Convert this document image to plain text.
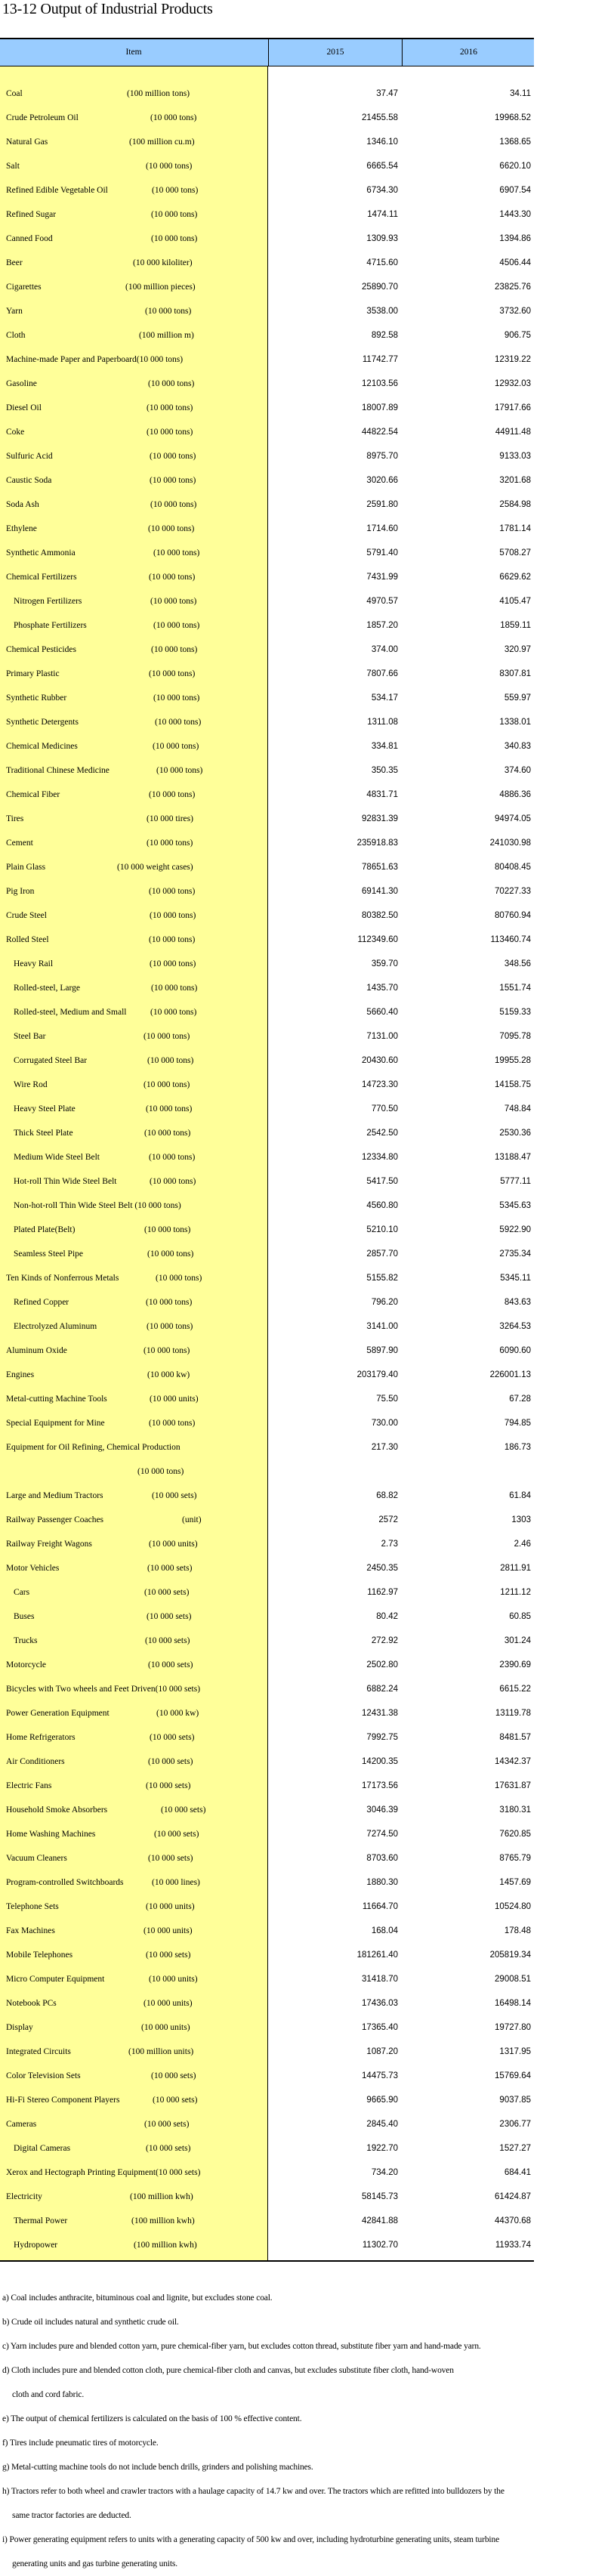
13-12 Output of Industrial Products
Item	2015	2016
Coal	(100 million tons)	37.47	34.11
Crude Petroleum Oil	(10 000 tons)	21455.58	19968.52
Natural Gas	(100 million cu.m)	1346.10	1368.65
Salt	(10 000 tons)	6665.54	6620.10
Refined Edible Vegetable Oil	(10 000 tons)	6734.30	6907.54
Refined Sugar	(10 000 tons)	1474.11	1443.30
Canned Food	(10 000 tons)	1309.93	1394.86
Beer	(10 000 kiloliter)	4715.60	4506.44
Cigarettes	(100 million pieces)	25890.70	23825.76
Yarn	(10 000 tons)	3538.00	3732.60
Cloth	(100 million m)	892.58	906.75
Machine-made Paper and Paperboard(10 000 tons)	11742.77	12319.22
Gasoline	(10 000 tons)	12103.56	12932.03
Diesel Oil	(10 000 tons)	18007.89	17917.66
Coke	(10 000 tons)	44822.54	44911.48
Sulfuric Acid	(10 000 tons)	8975.70	9133.03
Caustic Soda	(10 000 tons)	3020.66	3201.68
Soda Ash	(10 000 tons)	2591.80	2584.98
Ethylene	(10 000 tons)	1714.60	1781.14
Synthetic Ammonia	(10 000 tons)	5791.40	5708.27
Chemical Fertilizers	(10 000 tons)	7431.99	6629.62
Nitrogen Fertilizers	(10 000 tons)	4970.57	4105.47
Phosphate Fertilizers	(10 000 tons)	1857.20	1859.11
Chemical Pesticides	(10 000 tons)	374.00	320.97
Primary Plastic	(10 000 tons)	7807.66	8307.81
Synthetic Rubber	(10 000 tons)	534.17	559.97
Synthetic Detergents	(10 000 tons)	1311.08	1338.01
Chemical Medicines	(10 000 tons)	334.81	340.83
Traditional Chinese Medicine	(10 000 tons)	350.35	374.60
Chemical Fiber	(10 000 tons)	4831.71	4886.36
Tires	(10 000 tires)	92831.39	94974.05
Cement	(10 000 tons)	235918.83	241030.98
Plain Glass	(10 000 weight cases)	78651.63	80408.45
Pig Iron	(10 000 tons)	69141.30	70227.33
Crude Steel	(10 000 tons)	80382.50	80760.94
Rolled Steel	(10 000 tons)	112349.60	113460.74
Heavy Rail	(10 000 tons)	359.70	348.56
Rolled-steel, Large	(10 000 tons)	1435.70	1551.74
Rolled-steel, Medium and Small	(10 000 tons)	5660.40	5159.33
Steel Bar	(10 000 tons)	7131.00	7095.78
Corrugated Steel Bar	(10 000 tons)	20430.60	19955.28
Wire Rod	(10 000 tons)	14723.30	14158.75
Heavy Steel Plate	(10 000 tons)	770.50	748.84
Thick Steel Plate	(10 000 tons)	2542.50	2530.36
Medium Wide Steel Belt	(10 000 tons)	12334.80	13188.47
Hot-roll Thin Wide Steel Belt	(10 000 tons)	5417.50	5777.11
Non-hot-roll Thin Wide Steel Belt (10 000 tons)	4560.80	5345.63
Plated Plate(Belt)	(10 000 tons)	5210.10	5922.90
Seamless Steel Pipe	(10 000 tons)	2857.70	2735.34
Ten Kinds of Nonferrous Metals	(10 000 tons)	5155.82	5345.11
Refined Copper	(10 000 tons)	796.20	843.63
Electrolyzed Aluminum	(10 000 tons)	3141.00	3264.53
Aluminum Oxide	(10 000 tons)	5897.90	6090.60
Engines	(10 000 kw)	203179.40	226001.13
Metal-cutting Machine Tools	(10 000 units)	75.50	67.28
Special Equipment for Mine	(10 000 tons)	730.00	794.85
Equipment for Oil Refining, Chemical Production	217.30	186.73
(10 000 tons)
Large and Medium Tractors	(10 000 sets)	68.82	61.84
Railway Passenger Coaches	(unit)	2572	1303
Railway Freight Wagons	(10 000 units)	2.73	2.46
Motor Vehicles	(10 000 sets)	2450.35	2811.91
Cars	(10 000 sets)	1162.97	1211.12
Buses	(10 000 sets)	80.42	60.85
Trucks	(10 000 sets)	272.92	301.24
Motorcycle	(10 000 sets)	2502.80	2390.69
Bicycles with Two wheels and Feet Driven(10 000 sets)	6882.24	6615.22
Power Generation Equipment	(10 000 kw)	12431.38	13119.78
Home Refrigerators	(10 000 sets)	7992.75	8481.57
Air Conditioners	(10 000 sets)	14200.35	14342.37
Electric Fans	(10 000 sets)	17173.56	17631.87
Household Smoke Absorbers	(10 000 sets)	3046.39	3180.31
Home Washing Machines	(10 000 sets)	7274.50	7620.85
Vacuum Cleaners	(10 000 sets)	8703.60	8765.79
Program-controlled Switchboards	(10 000 lines)	1880.30	1457.69
Telephone Sets	(10 000 units)	11664.70	10524.80
Fax Machines	(10 000 units)	168.04	178.48
Mobile Telephones	(10 000 sets)	181261.40	205819.34
Micro Computer Equipment	(10 000 units)	31418.70	29008.51
Notebook PCs	(10 000 units)	17436.03	16498.14
Display	(10 000 units)	17365.40	19727.80
Integrated Circuits	(100 million units)	1087.20	1317.95
Color Television Sets	(10 000 sets)	14475.73	15769.64
Hi-Fi Stereo Component Players	(10 000 sets)	9665.90	9037.85
Cameras	(10 000 sets)	2845.40	2306.77
Digital Cameras	(10 000 sets)	1922.70	1527.27
Xerox and Hectograph Printing Equipment(10 000 sets)	734.20	684.41
Electricity	(100 million kwh)	58145.73	61424.87
Thermal Power	(100 million kwh)	42841.88	44370.68
Hydropower	(100 million kwh)	11302.70	11933.74
a) Coal includes anthracite, bituminous coal and lignite, but excludes stone coal.
b) Crude oil includes natural and synthetic crude oil.
c) Yarn includes pure and blended cotton yarn, pure chemical-fiber yarn, but excludes cotton thread, substitute fiber yarn and hand-made yarn.
d) Cloth includes pure and blended cotton cloth, pure chemical-fiber cloth and canvas, but excludes substitute fiber cloth, hand-woven
cloth and cord fabric.
e) The output of chemical fertilizers is calculated on the basis of 100 % effective content.
f) Tires include pneumatic tires of motorcycle.
g) Metal-cutting machine tools do not include bench drills, grinders and polishing machines.
h) Tractors refer to both wheel and crawler tractors with a haulage capacity of 14.7 kw and over. The tractors which are refitted into bulldozers by the
same tractor factories are deducted.
i) Power generating equipment refers to units with a generating capacity of 500 kw and over, including hydroturbine generating units, steam turbine
generating units and gas turbine generating units.
